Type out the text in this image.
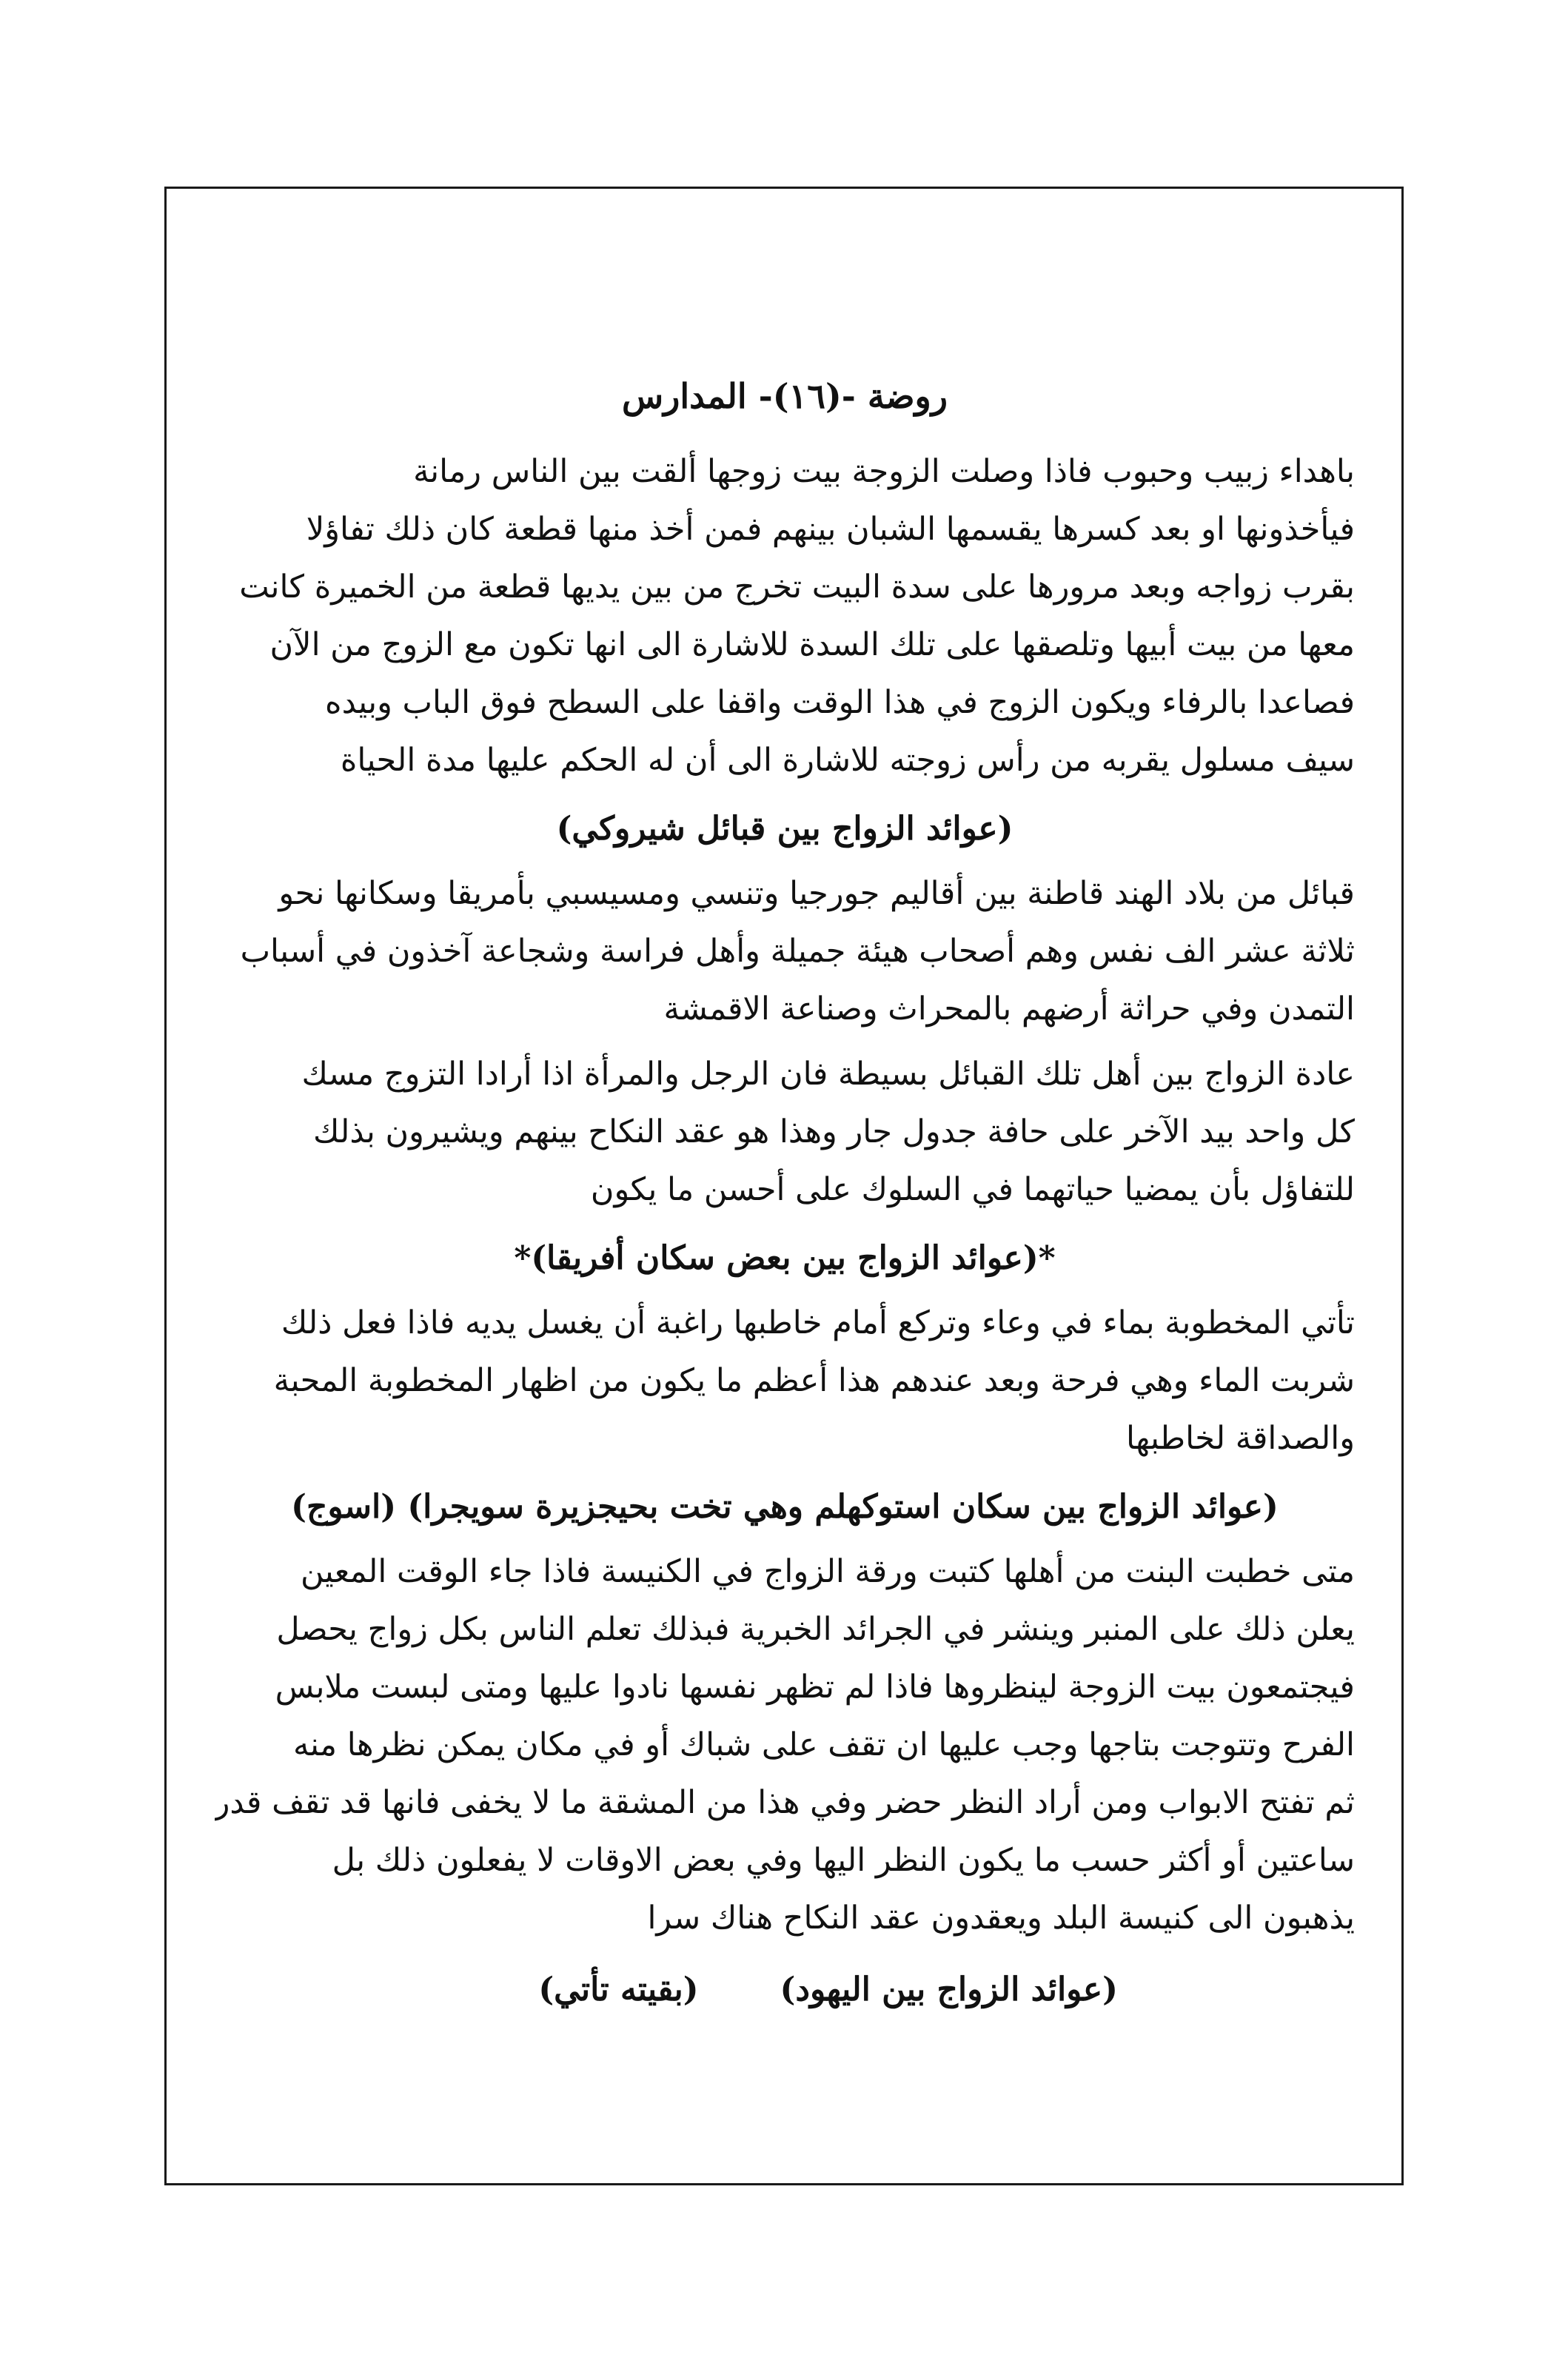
روضة -(١٦)- المدارس
باهداء زبيب وحبوب فاذا وصلت الزوجة بيت زوجها ألقت بين الناس رمانة
فيأخذونها او بعد كسرها يقسمها الشبان بينهم فمن أخذ منها قطعة كان ذلك تفاؤلا
بقرب زواجه وبعد مرورها على سدة البيت تخرج من بين يديها قطعة من الخميرة كانت
معها من بيت أبيها وتلصقها على تلك السدة للاشارة الى انها تكون مع الزوج من الآن
فصاعدا بالرفاء ويكون الزوج في هذا الوقت واقفا على السطح فوق الباب وبيده
سيف مسلول يقربه من رأس زوجته للاشارة الى أن له الحكم عليها مدة الحياة
(عوائد الزواج بين قبائل شيروكي)
قبائل من بلاد الهند قاطنة بين أقاليم جورجيا وتنسي ومسيسبي بأمريقا وسكانها نحو
ثلاثة عشر الف نفس وهم أصحاب هيئة جميلة وأهل فراسة وشجاعة آخذون في أسباب
التمدن وفي حراثة أرضهم بالمحراث وصناعة الاقمشة
عادة الزواج بين أهل تلك القبائل بسيطة فان الرجل والمرأة اذا أرادا التزوج مسك
كل واحد بيد الآخر على حافة جدول جار وهذا هو عقد النكاح بينهم ويشيرون بذلك
للتفاؤل بأن يمضيا حياتهما في السلوك على أحسن ما يكون
*(عوائد الزواج بين بعض سكان أفريقا)*
تأتي المخطوبة بماء في وعاء وتركع أمام خاطبها راغبة أن يغسل يديه فاذا فعل ذلك
شربت الماء وهي فرحة وبعد عندهم هذا أعظم ما يكون من اظهار المخطوبة المحبة
والصداقة لخاطبها
(عوائد الزواج بين سكان استوكهلم وهي تخت بحيجزيرة سويجرا) (اسوج)
متى خطبت البنت من أهلها كتبت ورقة الزواج في الكنيسة فاذا جاء الوقت المعين
يعلن ذلك على المنبر وينشر في الجرائد الخبرية فبذلك تعلم الناس بكل زواج يحصل
فيجتمعون بيت الزوجة لينظروها فاذا لم تظهر نفسها نادوا عليها ومتى لبست ملابس
الفرح وتتوجت بتاجها وجب عليها ان تقف على شباك أو في مكان يمكن نظرها منه
ثم تفتح الابواب ومن أراد النظر حضر وفي هذا من المشقة ما لا يخفى فانها قد تقف قدر
ساعتين أو أكثر حسب ما يكون النظر اليها وفي بعض الاوقات لا يفعلون ذلك بل
يذهبون الى كنيسة البلد ويعقدون عقد النكاح هناك سرا
(عوائد الزواج بين اليهود)
(بقيته تأتي)
